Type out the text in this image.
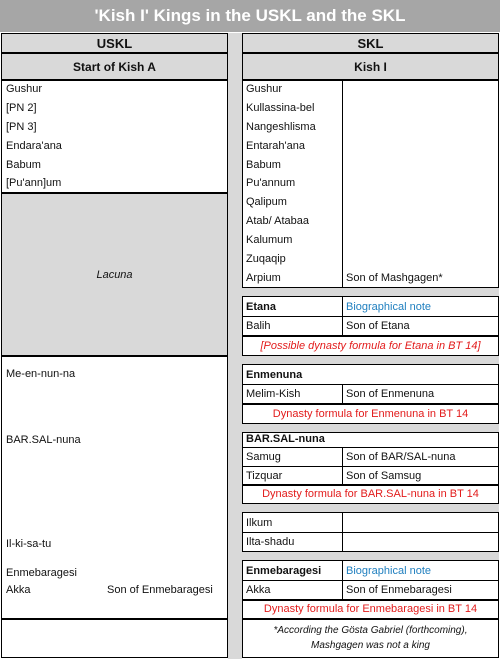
'Kish I' Kings in the USKL and the SKL
USKL	SKL
Start of Kish A	Kish I
Gushur
[PN 2]
[PN 3]
Endara'ana
Babum
[Pu'ann]um
Lacuna
Me-en-nun-na
BAR.SAL-nuna
Il-ki-sa-tu
Enmebaragesi
Akka	Son of Enmebaragesi
Gushur
Kullassina-bel
Nangeshlisma
Entarah'ana
Babum
Pu'annum
Qalipum
Atab/ Atabaa
Kalumum
Zuqaqip
Arpium	Son of Mashgagen*
Etana	Biographical note
Balih	Son of Etana
[Possible dynasty formula for Etana in BT 14]
Enmenuna
Melim-Kish	Son of Enmenuna
Dynasty formula for Enmenuna in BT 14
BAR.SAL-nuna
Samug	Son of BAR/SAL-nuna
Tizquar	Son of Samsug
Dynasty formula for BAR.SAL-nuna in BT 14
Ilkum
Ilta-shadu
Enmebaragesi Biographical note
Akka	Son of Enmebaragesi
Dynasty formula for Enmebaragesi in BT 14
*According the Gösta Gabriel (forthcoming),
Mashgagen was not a king
